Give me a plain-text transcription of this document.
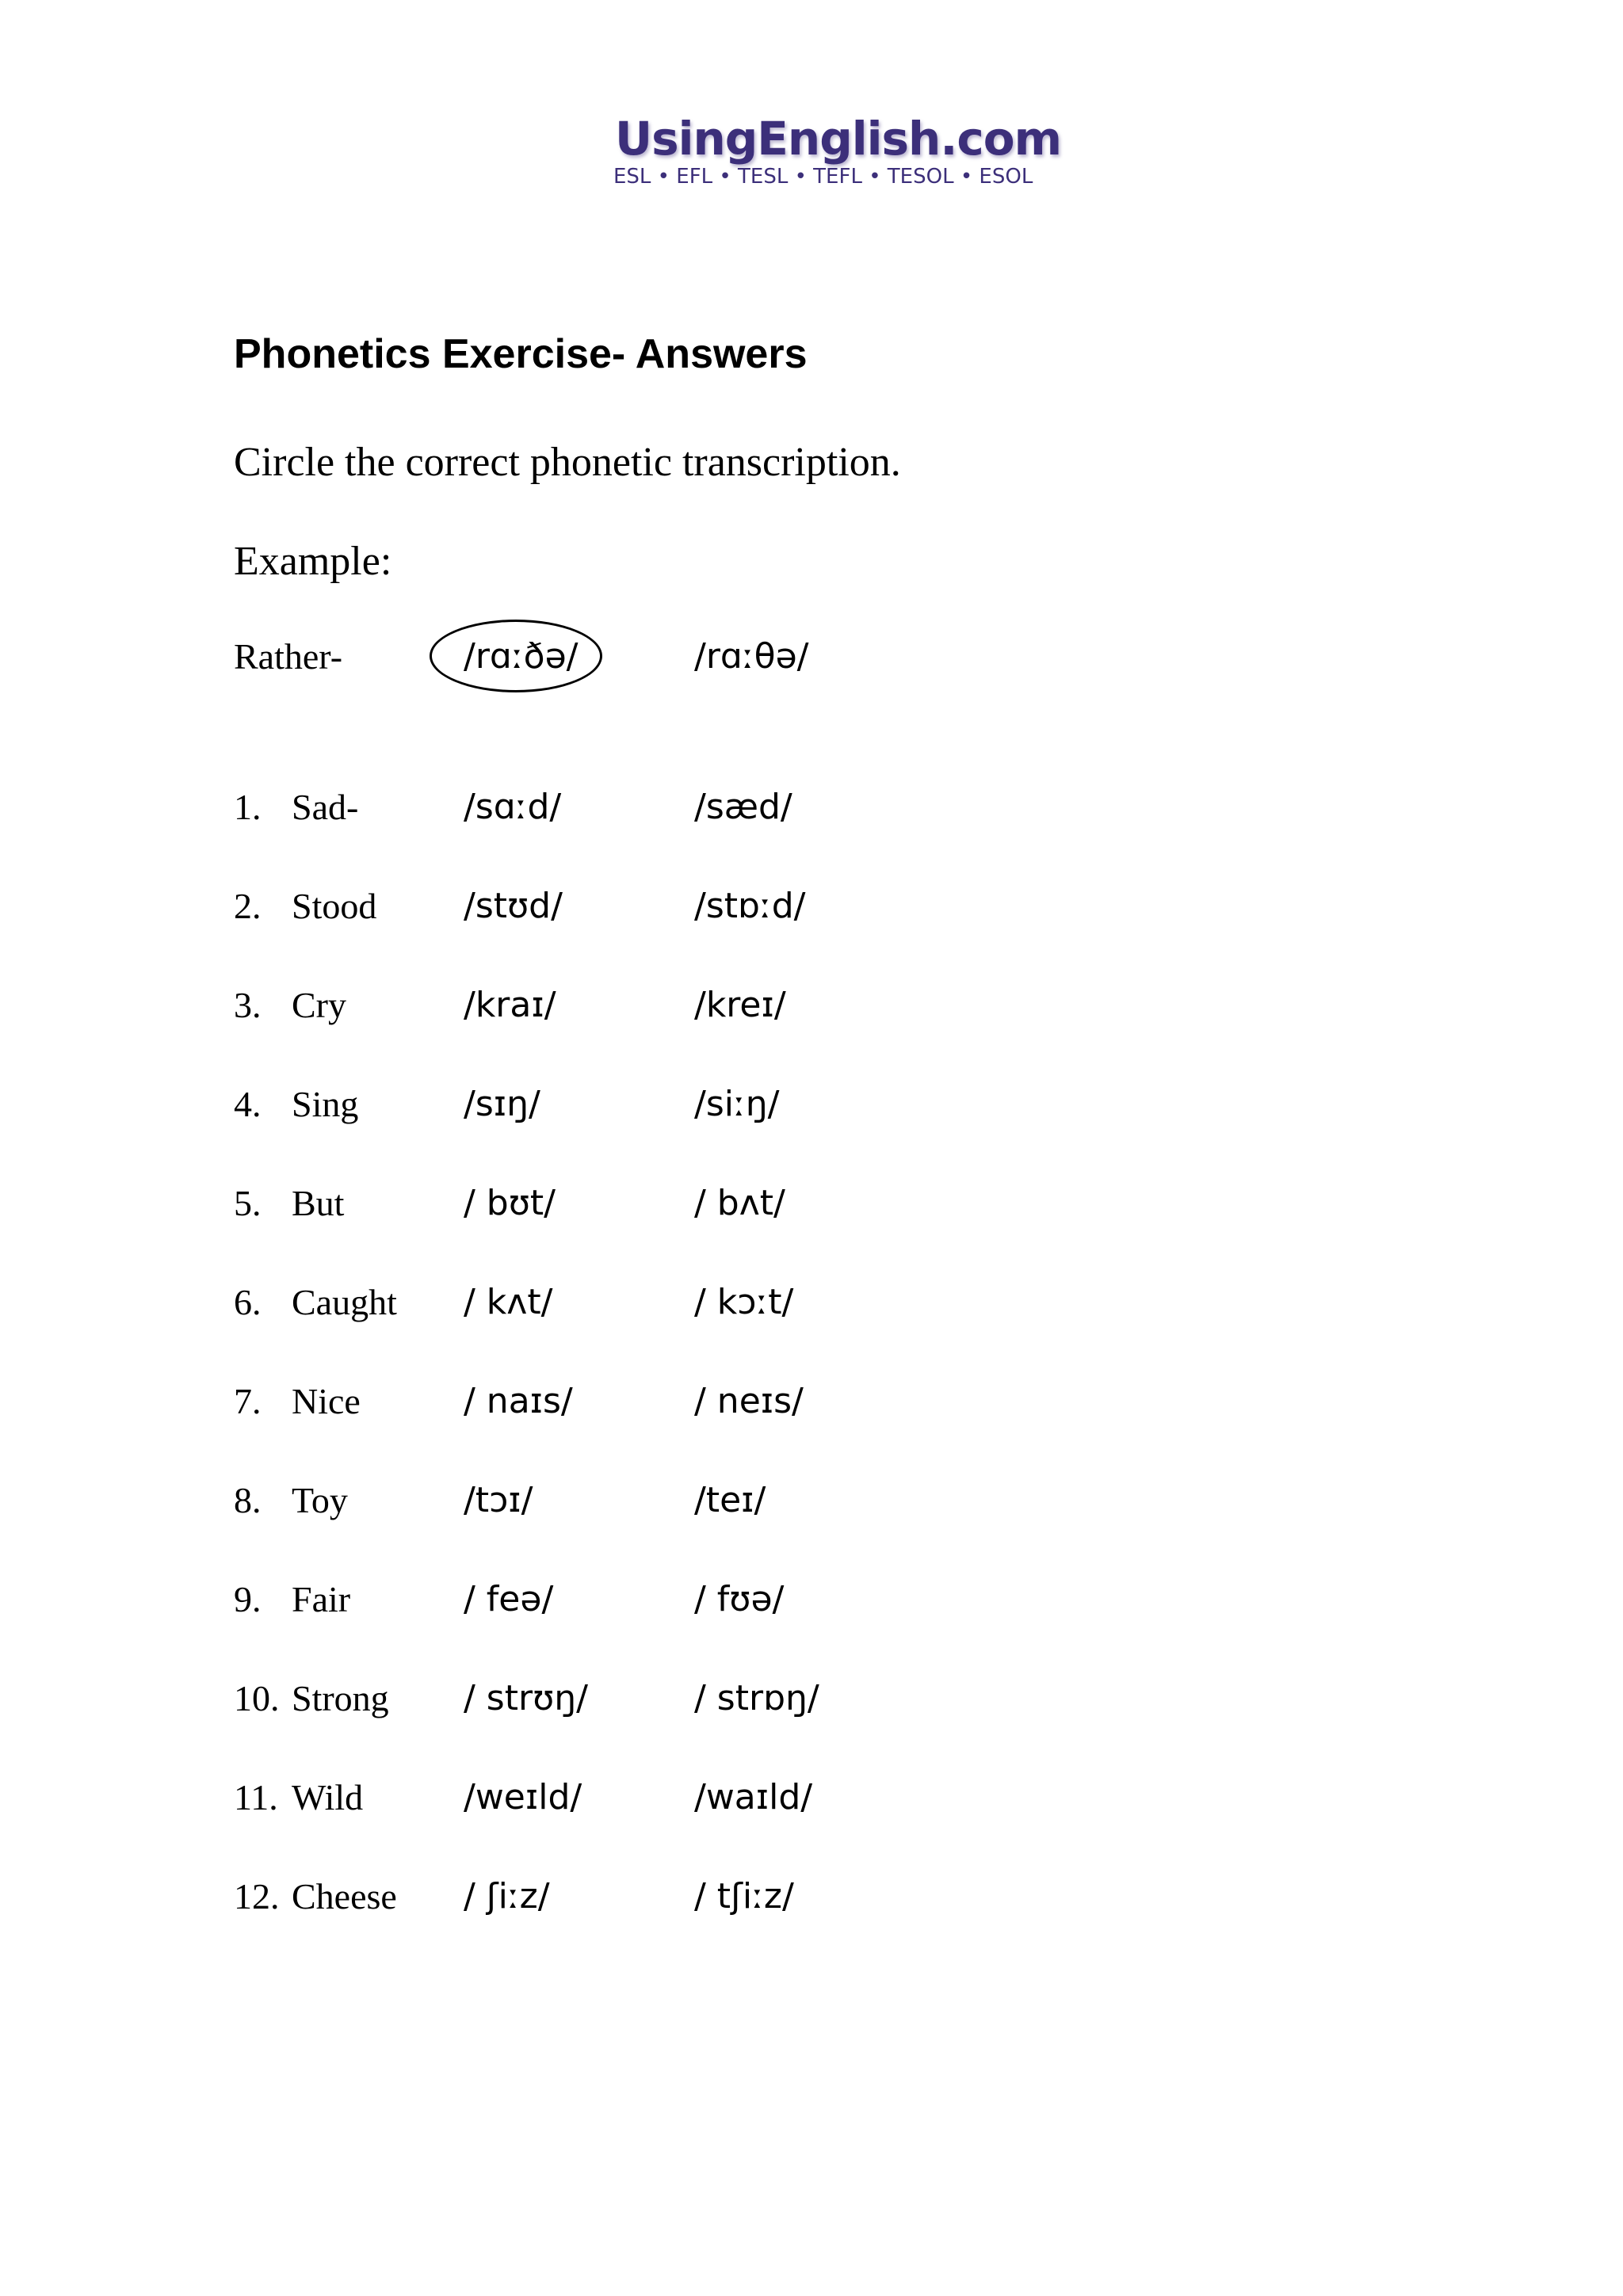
UsingEnglish.com
ESL • EFL • TESL • TEFL • TESOL • ESOL
Phonetics Exercise- Answers
Circle the correct phonetic transcription.
Example:
Rather-	/rɑːðə/	/rɑːθə/
1. Sad-	/sɑːd/	/sæd/
2. Stood /stʊd/	/stɒːd/
3. Cry	/kraɪ/	/kreɪ/
4. Sing	/sɪŋ/	/siːŋ/
5. But	/ bʊt/	/ bʌt/
6. Caught / kʌt/	/ kɔːt/
7. Nice	/ naɪs/	/ neɪs/
8. Toy	/tɔɪ/	/teɪ/
9. Fair	/ feə/	/ fʊə/
10. Strong / strʊŋ/	/ strɒŋ/
11. Wild	/weɪld/	/waɪld/
12. Cheese / ʃiːz/	/ tʃiːz/
